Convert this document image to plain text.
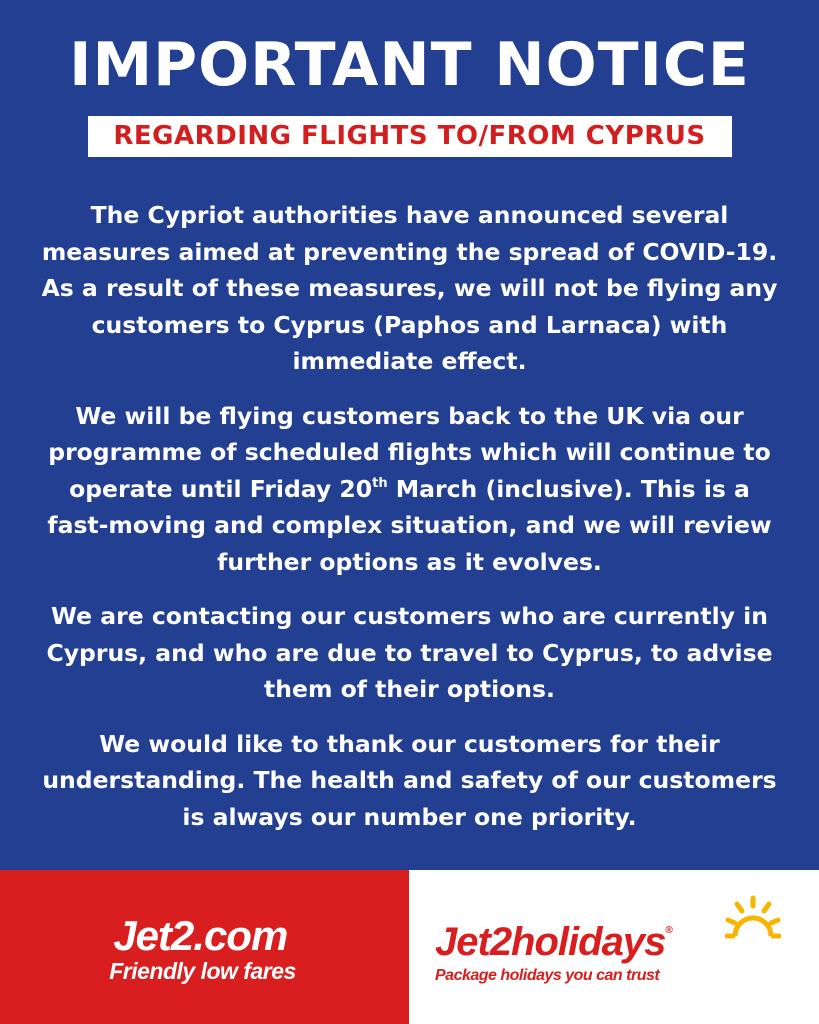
IMPORTANT NOTICE
REGARDING FLIGHTS TO/FROM CYPRUS

The Cypriot authorities have announced several measures aimed at preventing the spread of COVID-19. As a result of these measures, we will not be flying any customers to Cyprus (Paphos and Larnaca) with immediate effect.

We will be flying customers back to the UK via our programme of scheduled flights which will continue to operate until Friday 20th March (inclusive). This is a fast-moving and complex situation, and we will review further options as it evolves.

We are contacting our customers who are currently in Cyprus, and who are due to travel to Cyprus, to advise them of their options.

We would like to thank our customers for their understanding. The health and safety of our customers is always our number one priority.

Jet2.com
Friendly low fares
Jet2holidays®
Package holidays you can trust
